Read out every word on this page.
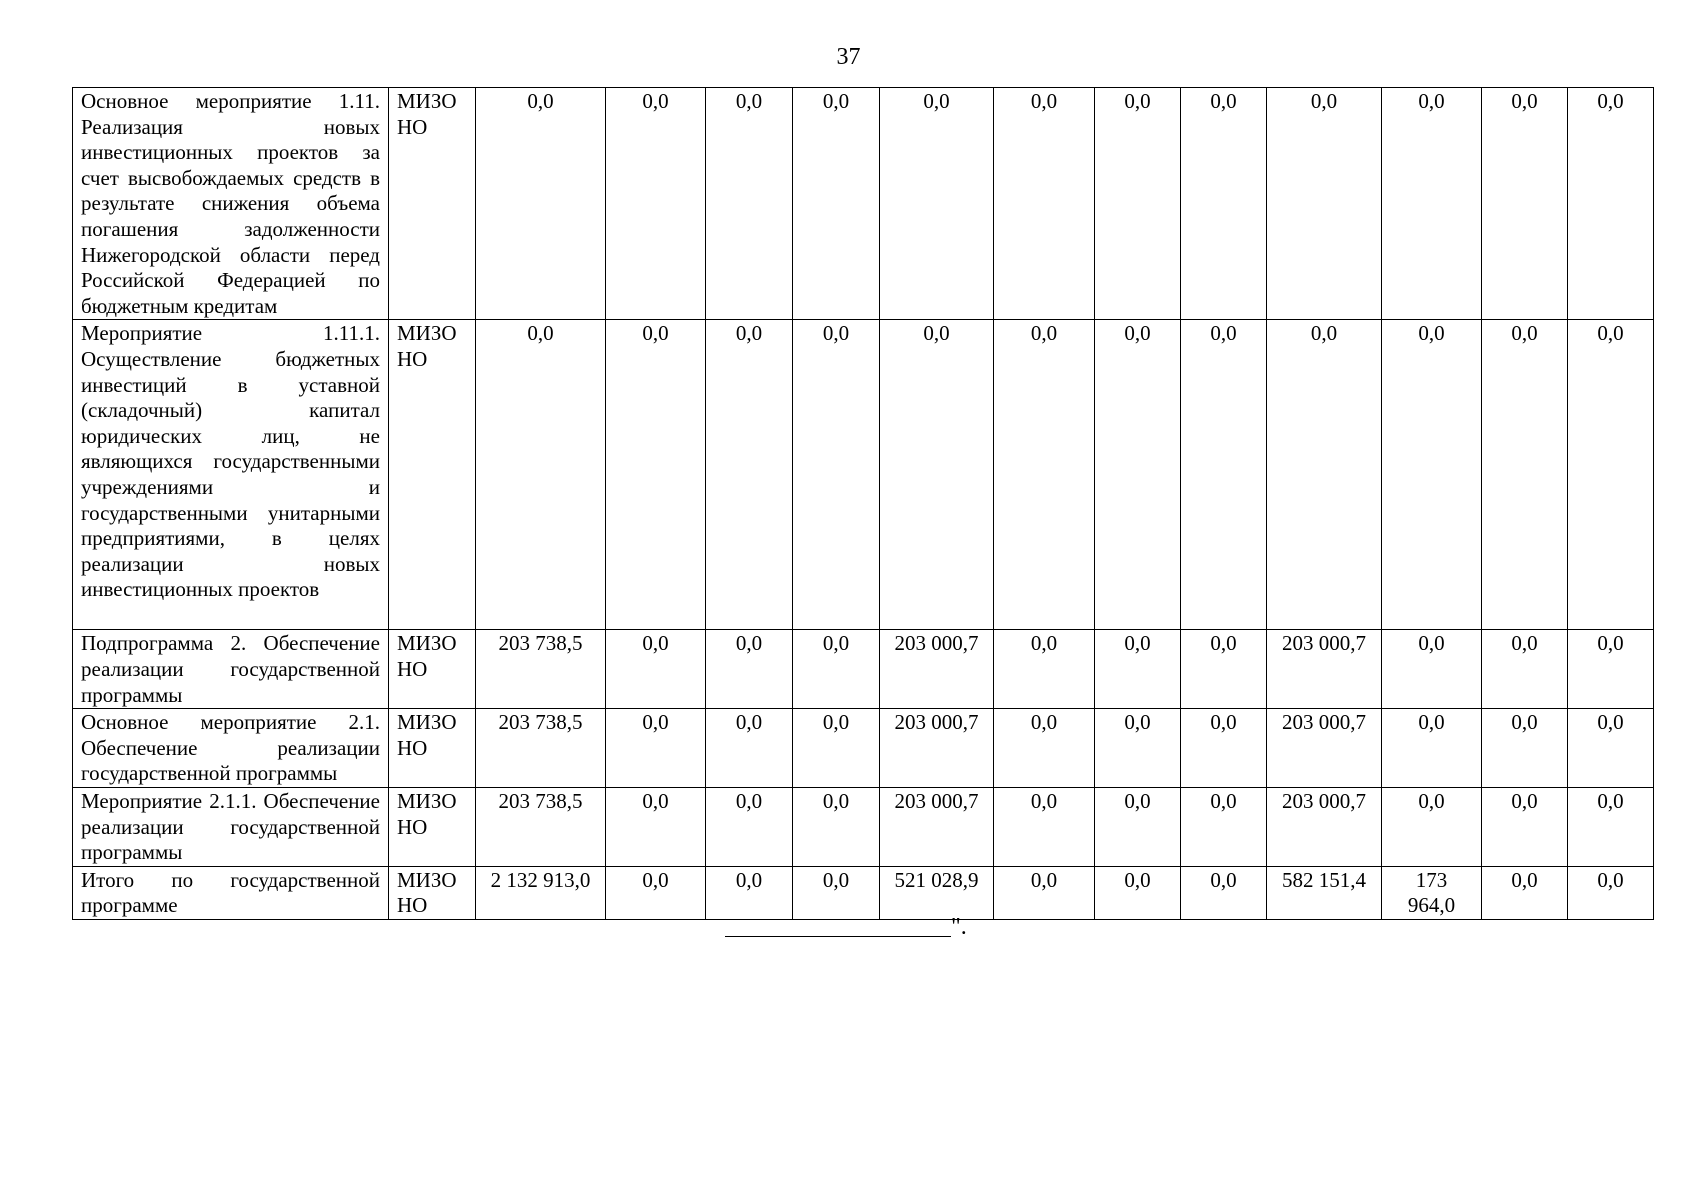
37
Основное мероприятие 1.11. Реализация новых инвестиционных проектов за счет высвобождаемых средств в результате снижения объема погашения задолженности Нижегородской области перед Российской Федерацией по бюджетным кредитам	МИЗО НО	0,0	0,0	0,0	0,0	0,0	0,0	0,0	0,0	0,0	0,0	0,0	0,0
Мероприятие 1.11.1. Осуществление бюджетных инвестиций в уставной (складочный) капитал юридических лиц, не являющихся государственными учреждениями и государственными унитарными предприятиями, в целях реализации новых инвестиционных проектов	МИЗО НО	0,0	0,0	0,0	0,0	0,0	0,0	0,0	0,0	0,0	0,0	0,0	0,0
Подпрограмма 2. Обеспечение реализации государственной программы	МИЗО НО	203 738,5	0,0	0,0	0,0	203 000,7	0,0	0,0	0,0	203 000,7	0,0	0,0	0,0
Основное мероприятие 2.1. Обеспечение реализации государственной программы	МИЗО НО	203 738,5	0,0	0,0	0,0	203 000,7	0,0	0,0	0,0	203 000,7	0,0	0,0	0,0
Мероприятие 2.1.1. Обеспечение реализации государственной программы	МИЗО НО	203 738,5	0,0	0,0	0,0	203 000,7	0,0	0,0	0,0	203 000,7	0,0	0,0	0,0
Итого по государственной программе	МИЗО НО	2 132 913,0	0,0	0,0	0,0	521 028,9	0,0	0,0	0,0	582 151,4	173 964,0	0,0	0,0
".
